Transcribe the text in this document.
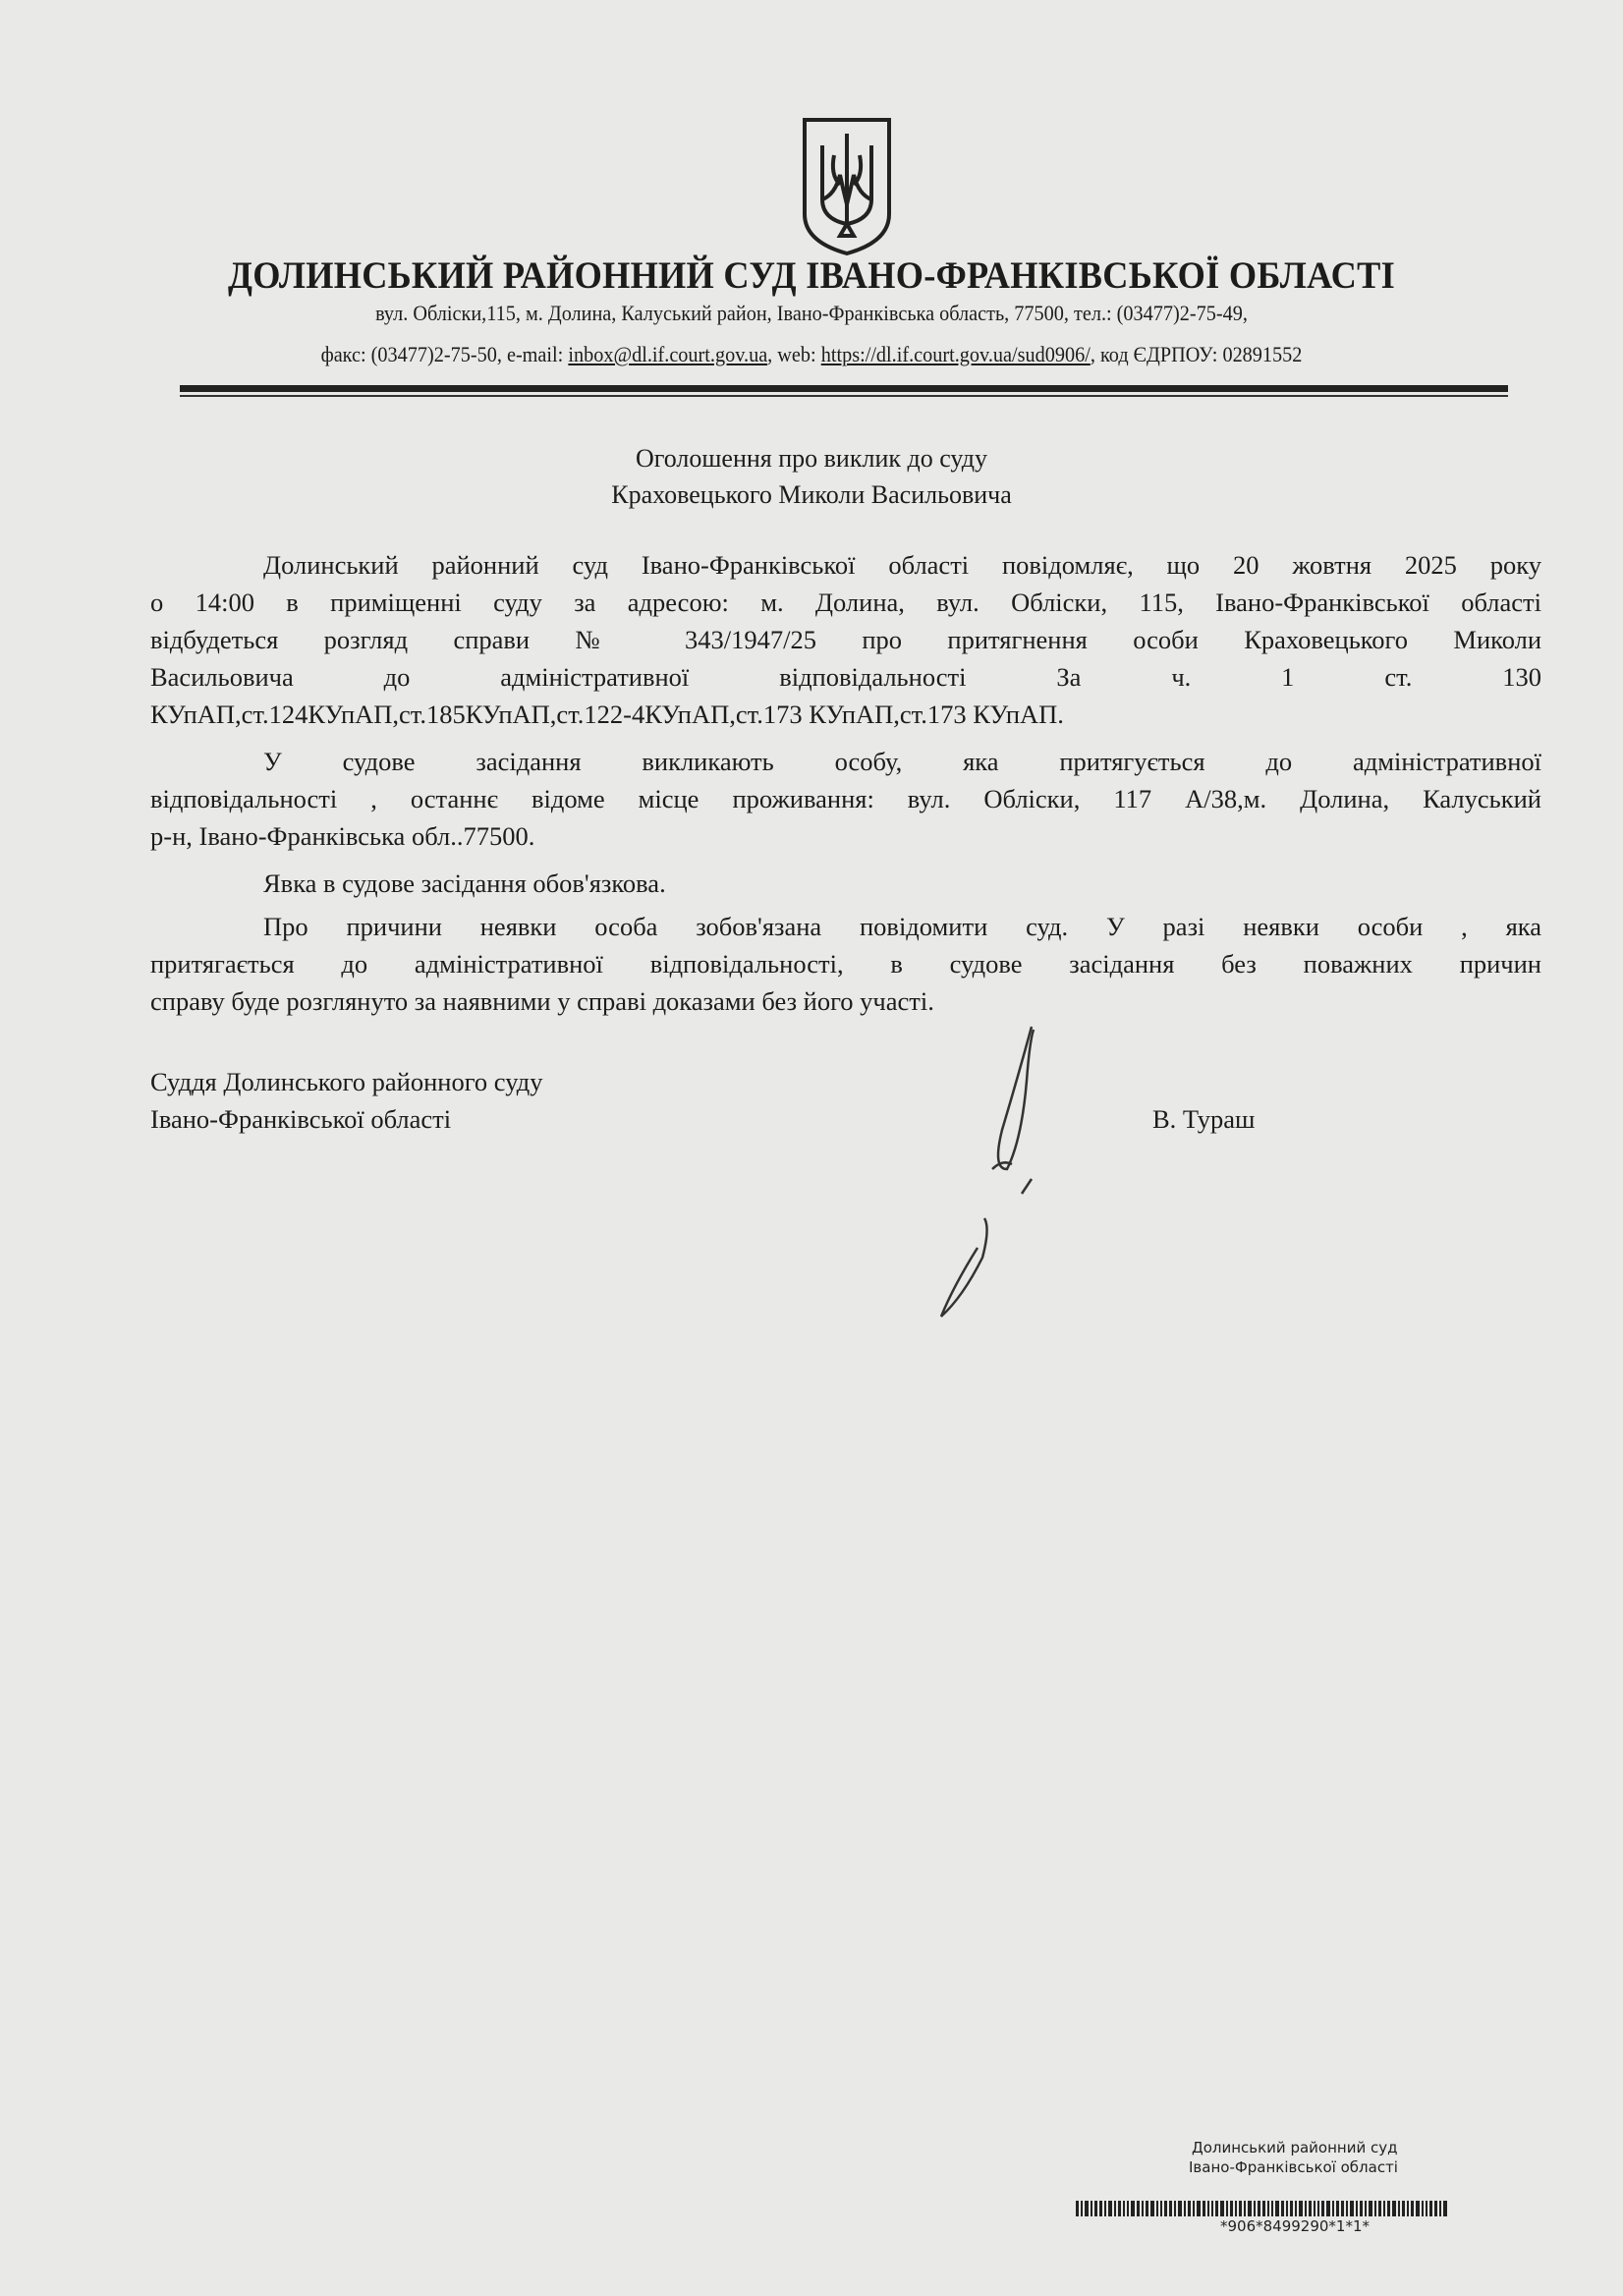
ДОЛИНСЬКИЙ РАЙОННИЙ СУД ІВАНО-ФРАНКІВСЬКОЇ ОБЛАСТІ
вул. Обліски,115, м. Долина, Калуський район, Івано-Франківська область, 77500, тел.: (03477)2-75-49,
факс: (03477)2-75-50, e-mail: inbox@dl.if.court.gov.ua, web: https://dl.if.court.gov.ua/sud0906/, код ЄДРПОУ: 02891552
Оголошення про виклик до суду
Краховецького Миколи Васильовича
Долинський районний суд Івано-Франківської області повідомляє, що 20 жовтня 2025 року
о 14:00 в приміщенні суду за адресою: м. Долина, вул. Обліски, 115, Івано-Франківської області
відбудеться розгляд справи № 343/1947/25 про притягнення особи Краховецького Миколи
Васильовича до адміністративної відповідальності За ч. 1 ст. 130
КУпАП,ст.124КУпАП,ст.185КУпАП,ст.122-4КУпАП,ст.173 КУпАП,ст.173 КУпАП.
У судове засідання викликають особу, яка притягується до адміністративної
відповідальності , останнє відоме місце проживання: вул. Обліски, 117 А/38,м. Долина, Калуський
р-н, Івано-Франківська обл..77500.
Явка в судове засідання обов'язкова.
Про причини неявки особа зобов'язана повідомити суд. У разі неявки особи , яка
притягається до адміністративної відповідальності, в судове засідання без поважних причин
справу буде розглянуто за наявними у справі доказами без його участі.
Суддя Долинського районного суду
Івано-Франківської області	В. Тураш
Долинський районний суд
Івано-Франківської області
*906*8499290*1*1*
